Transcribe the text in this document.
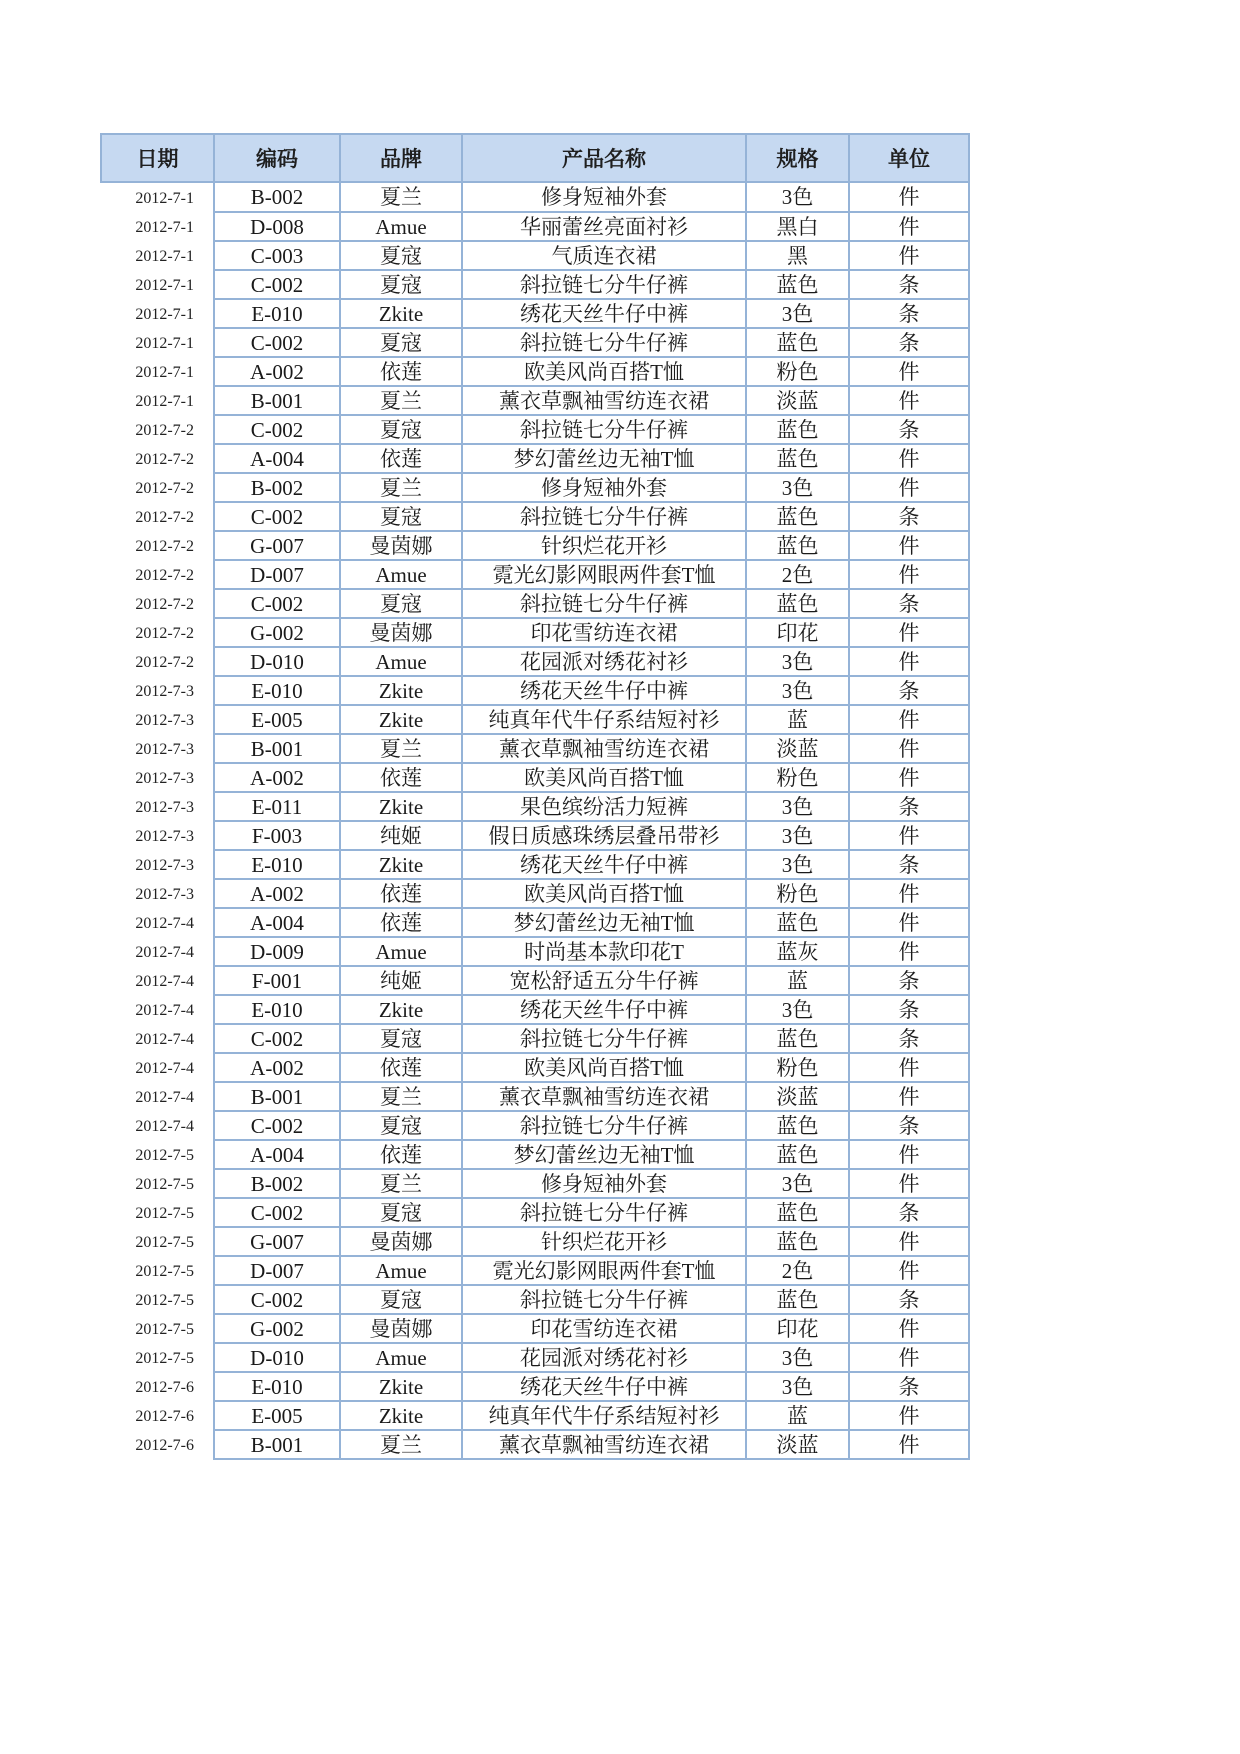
日期	编码	品牌	产品名称	规格	单位
2012-7-1	B-002	夏兰	修身短袖外套	3色	件
2012-7-1	D-008	Amue	华丽蕾丝亮面衬衫	黑白	件
2012-7-1	C-003	夏寇	气质连衣裙	黑	件
2012-7-1	C-002	夏寇	斜拉链七分牛仔裤	蓝色	条
2012-7-1	E-010	Zkite	绣花天丝牛仔中裤	3色	条
2012-7-1	C-002	夏寇	斜拉链七分牛仔裤	蓝色	条
2012-7-1	A-002	依莲	欧美风尚百搭T恤	粉色	件
2012-7-1	B-001	夏兰	薰衣草飘袖雪纺连衣裙	淡蓝	件
2012-7-2	C-002	夏寇	斜拉链七分牛仔裤	蓝色	条
2012-7-2	A-004	依莲	梦幻蕾丝边无袖T恤	蓝色	件
2012-7-2	B-002	夏兰	修身短袖外套	3色	件
2012-7-2	C-002	夏寇	斜拉链七分牛仔裤	蓝色	条
2012-7-2	G-007	曼茵娜	针织烂花开衫	蓝色	件
2012-7-2	D-007	Amue	霓光幻影网眼两件套T恤	2色	件
2012-7-2	C-002	夏寇	斜拉链七分牛仔裤	蓝色	条
2012-7-2	G-002	曼茵娜	印花雪纺连衣裙	印花	件
2012-7-2	D-010	Amue	花园派对绣花衬衫	3色	件
2012-7-3	E-010	Zkite	绣花天丝牛仔中裤	3色	条
2012-7-3	E-005	Zkite	纯真年代牛仔系结短衬衫	蓝	件
2012-7-3	B-001	夏兰	薰衣草飘袖雪纺连衣裙	淡蓝	件
2012-7-3	A-002	依莲	欧美风尚百搭T恤	粉色	件
2012-7-3	E-011	Zkite	果色缤纷活力短裤	3色	条
2012-7-3	F-003	纯姬	假日质感珠绣层叠吊带衫	3色	件
2012-7-3	E-010	Zkite	绣花天丝牛仔中裤	3色	条
2012-7-3	A-002	依莲	欧美风尚百搭T恤	粉色	件
2012-7-4	A-004	依莲	梦幻蕾丝边无袖T恤	蓝色	件
2012-7-4	D-009	Amue	时尚基本款印花T	蓝灰	件
2012-7-4	F-001	纯姬	宽松舒适五分牛仔裤	蓝	条
2012-7-4	E-010	Zkite	绣花天丝牛仔中裤	3色	条
2012-7-4	C-002	夏寇	斜拉链七分牛仔裤	蓝色	条
2012-7-4	A-002	依莲	欧美风尚百搭T恤	粉色	件
2012-7-4	B-001	夏兰	薰衣草飘袖雪纺连衣裙	淡蓝	件
2012-7-4	C-002	夏寇	斜拉链七分牛仔裤	蓝色	条
2012-7-5	A-004	依莲	梦幻蕾丝边无袖T恤	蓝色	件
2012-7-5	B-002	夏兰	修身短袖外套	3色	件
2012-7-5	C-002	夏寇	斜拉链七分牛仔裤	蓝色	条
2012-7-5	G-007	曼茵娜	针织烂花开衫	蓝色	件
2012-7-5	D-007	Amue	霓光幻影网眼两件套T恤	2色	件
2012-7-5	C-002	夏寇	斜拉链七分牛仔裤	蓝色	条
2012-7-5	G-002	曼茵娜	印花雪纺连衣裙	印花	件
2012-7-5	D-010	Amue	花园派对绣花衬衫	3色	件
2012-7-6	E-010	Zkite	绣花天丝牛仔中裤	3色	条
2012-7-6	E-005	Zkite	纯真年代牛仔系结短衬衫	蓝	件
2012-7-6	B-001	夏兰	薰衣草飘袖雪纺连衣裙	淡蓝	件
